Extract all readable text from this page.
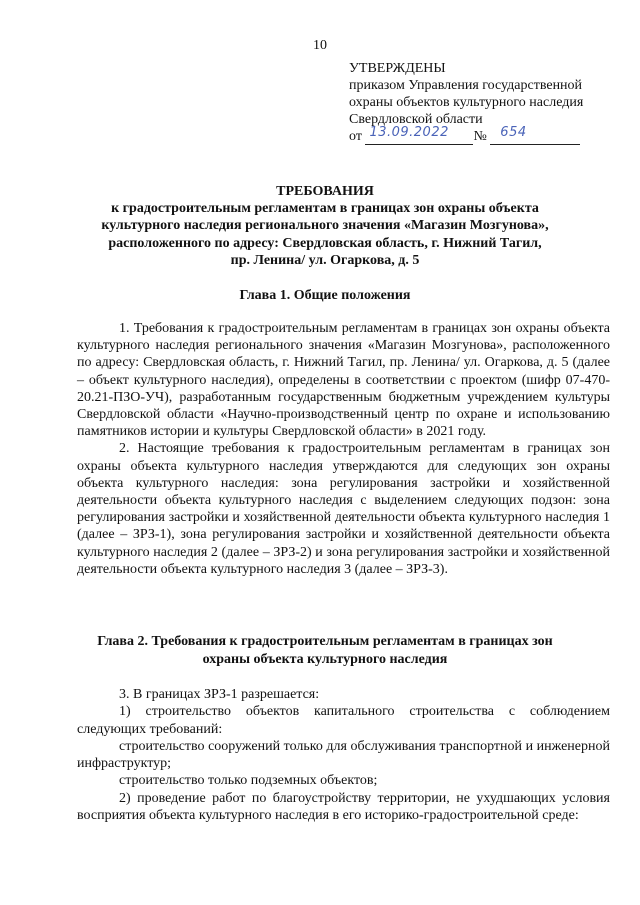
10
УТВЕРЖДЕНЫ
приказом Управления государственной
охраны объектов культурного наследия
Свердловской области
от 13.09.2022 № 654
ТРЕБОВАНИЯ
к градостроительным регламентам в границах зон охраны объекта
культурного наследия регионального значения «Магазин Мозгунова»,
расположенного по адресу: Свердловская область, г. Нижний Тагил,
пр. Ленина/ ул. Огаркова, д. 5
Глава 1. Общие положения

1. Требования к градостроительным регламентам в границах зон охраны объекта культурного наследия регионального значения «Магазин Мозгунова», расположенного по адресу: Свердловская область, г. Нижний Тагил, пр. Ленина/ ул. Огаркова, д. 5 (далее – объект культурного наследия), определены в соответствии с проектом (шифр 07-470-20.21-ПЗО-УЧ), разработанным государственным бюджетным учреждением культуры Свердловской области «Научно-производственный центр по охране и использованию памятников истории и культуры Свердловской области» в 2021 году.

2. Настоящие требования к градостроительным регламентам в границах зон охраны объекта культурного наследия утверждаются для следующих зон охраны объекта культурного наследия: зона регулирования застройки и хозяйственной деятельности объекта культурного наследия с выделением следующих подзон: зона регулирования застройки и хозяйственной деятельности объекта культурного наследия 1 (далее – ЗРЗ-1), зона регулирования застройки и хозяйственной деятельности объекта культурного наследия 2 (далее – ЗРЗ-2) и зона регулирования застройки и хозяйственной деятельности объекта культурного наследия 3 (далее – ЗРЗ-3).

Глава 2. Требования к градостроительным регламентам в границах зон
охраны объекта культурного наследия

3. В границах ЗРЗ-1 разрешается:

1) строительство объектов капитального строительства с соблюдением следующих требований:

строительство сооружений только для обслуживания транспортной и инженерной инфраструктур;

строительство только подземных объектов;

2) проведение работ по благоустройству территории, не ухудшающих условия восприятия объекта культурного наследия в его историко-градостроительной среде:
